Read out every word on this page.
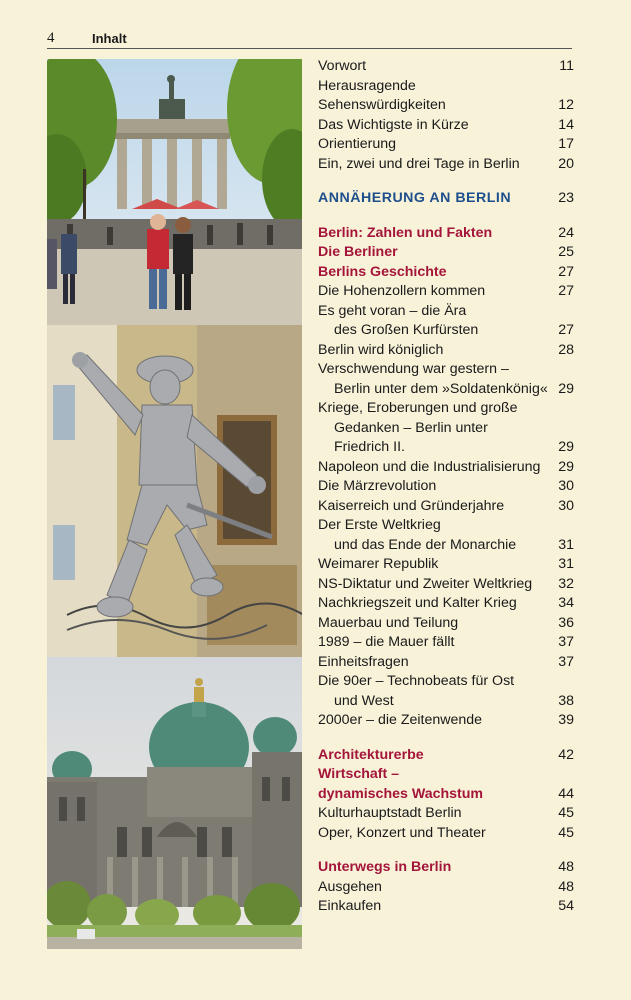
4	Inhalt
Vorwort	11
Herausragende
Sehenswürdigkeiten	12
Das Wichtigste in Kürze	14
Orientierung	17
Ein, zwei und drei Tage in Berlin	20
ANNÄHERUNG AN BERLIN	23
Berlin: Zahlen und Fakten	24
Die Berliner	25
Berlins Geschichte	27
Die Hohenzollern kommen	27
Es geht voran – die Ära
des Großen Kurfürsten	27
Berlin wird königlich	28
Verschwendung war gestern –
Berlin unter dem »Soldatenkönig« 29
Kriege, Eroberungen und große
Gedanken – Berlin unter
Friedrich II.	29
Napoleon und die Industrialisierung 29
Die Märzrevolution	30
Kaiserreich und Gründerjahre	30
Der Erste Weltkrieg
und das Ende der Monarchie	31
Weimarer Republik	31
NS-Diktatur und Zweiter Weltkrieg 32
Nachkriegszeit und Kalter Krieg	34
Mauerbau und Teilung	36
1989 – die Mauer fällt	37
Einheitsfragen	37
Die 90er – Technobeats für Ost
und West	38
2000er – die Zeitenwende	39
Architekturerbe	42
Wirtschaft –
dynamisches Wachstum	44
Kulturhauptstadt Berlin	45
Oper, Konzert und Theater	45
Unterwegs in Berlin	48
Ausgehen	48
Einkaufen	54
